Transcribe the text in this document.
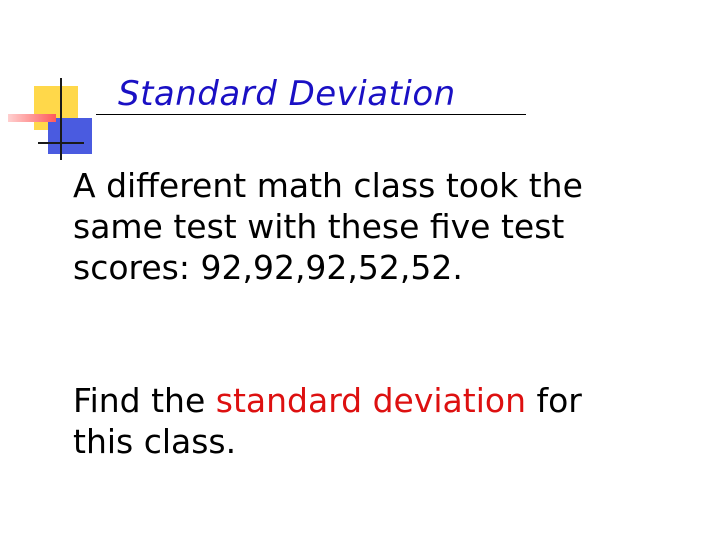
Standard Deviation
A different math class took the
same test with these five test
scores: 92,92,92,52,52.
Find the standard deviation for
this class.
